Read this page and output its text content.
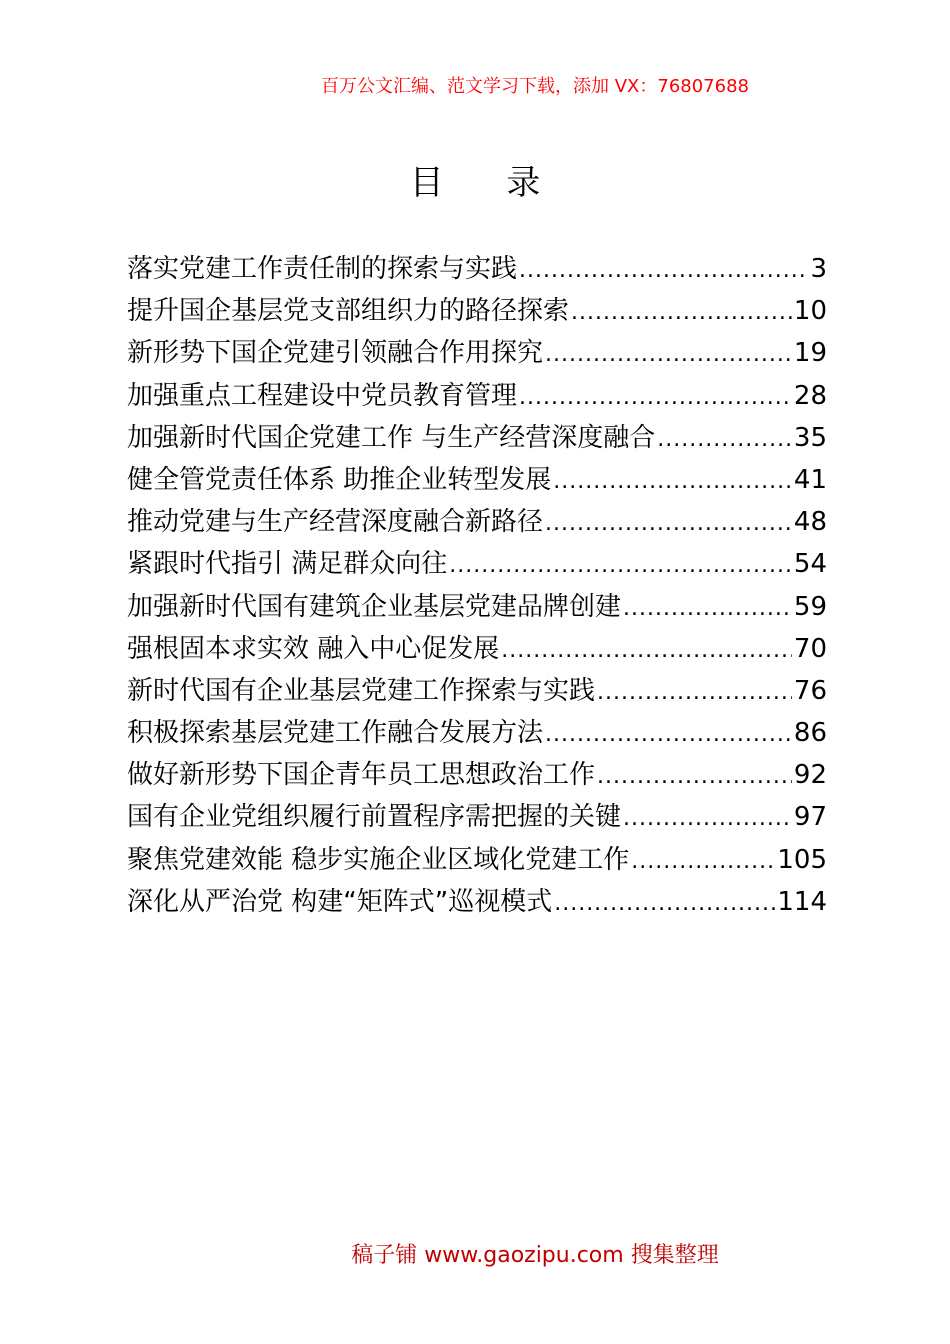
百万公文汇编、范文学习下载，添加 VX：76807688
目 录
落实党建工作责任制的探索与实践 .....	3
提升国企基层党支部组织力的路径探索 .....	10
新形势下国企党建引领融合作用探究 .....	19
加强重点工程建设中党员教育管理 .....	28
加强新时代国企党建工作 与生产经营深度融合 .....	35
健全管党责任体系 助推企业转型发展 .....	41
推动党建与生产经营深度融合新路径 .....	48
紧跟时代指引 满足群众向往 .....	54
加强新时代国有建筑企业基层党建品牌创建 .....	59
强根固本求实效 融入中心促发展 .....	70
新时代国有企业基层党建工作探索与实践 .....	76
积极探索基层党建工作融合发展方法 .....	86
做好新形势下国企青年员工思想政治工作 .....	92
国有企业党组织履行前置程序需把握的关键 .....	97
聚焦党建效能 稳步实施企业区域化党建工作 .....	105
深化从严治党 构建“矩阵式”巡视模式 .....	114
稿子铺 www.gaozipu.com 搜集整理
